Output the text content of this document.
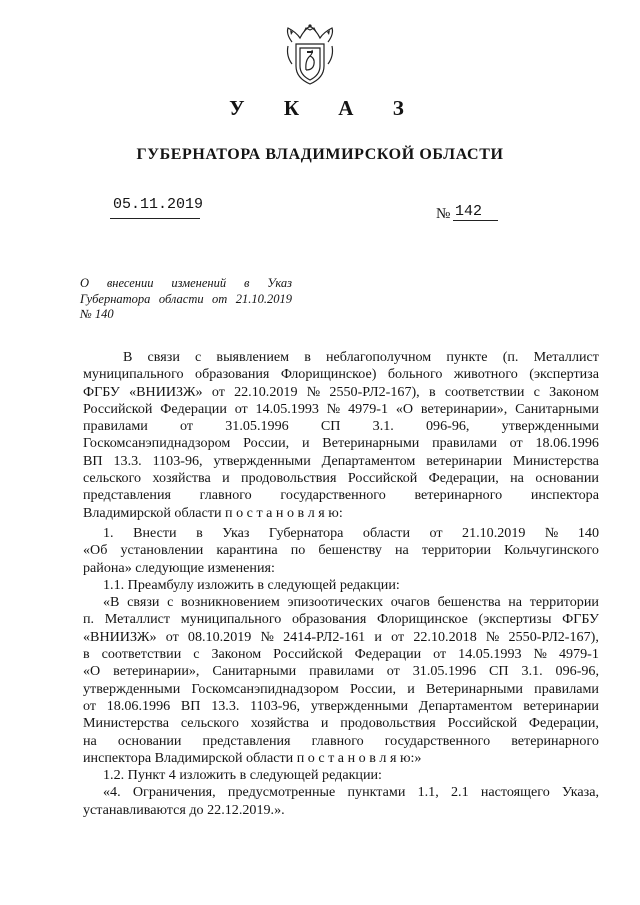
У К А З
ГУБЕРНАТОРА ВЛАДИМИРСКОЙ ОБЛАСТИ
05.11.2019
№ 142
О внесении изменений в Указ
Губернатора области от 21.10.2019
№ 140
В связи с выявлением в неблагополучном пункте (п. Металлист
муниципального образования Флорищинское) больного животного (экспертиза
ФГБУ «ВНИИЗЖ» от 22.10.2019 № 2550-РЛ2-167), в соответствии с Законом
Российской Федерации от 14.05.1993 № 4979-1 «О ветеринарии», Санитарными
правилами от 31.05.1996 СП 3.1. 096-96, утвержденными
Госкомсанэпиднадзором России, и Ветеринарными правилами от 18.06.1996
ВП 13.3. 1103-96, утвержденными Департаментом ветеринарии Министерства
сельского хозяйства и продовольствия Российской Федерации, на основании
представления главного государственного ветеринарного инспектора
Владимирской области п о с т а н о в л я ю:
1. Внести в Указ Губернатора области от 21.10.2019 № 140
«Об установлении карантина по бешенству на территории Кольчугинского
района» следующие изменения:
1.1. Преамбулу изложить в следующей редакции:
«В связи с возникновением эпизоотических очагов бешенства на территории
п. Металлист муниципального образования Флорищинское (экспертизы ФГБУ
«ВНИИЗЖ» от 08.10.2019 № 2414-РЛ2-161 и от 22.10.2018 № 2550-РЛ2-167),
в соответствии с Законом Российской Федерации от 14.05.1993 № 4979-1
«О ветеринарии», Санитарными правилами от 31.05.1996 СП 3.1. 096-96,
утвержденными Госкомсанэпиднадзором России, и Ветеринарными правилами
от 18.06.1996 ВП 13.3. 1103-96, утвержденными Департаментом ветеринарии
Министерства сельского хозяйства и продовольствия Российской Федерации,
на основании представления главного государственного ветеринарного
инспектора Владимирской области п о с т а н о в л я ю:»
1.2. Пункт 4 изложить в следующей редакции:
«4. Ограничения, предусмотренные пунктами 1.1, 2.1 настоящего Указа,
устанавливаются до 22.12.2019.».
